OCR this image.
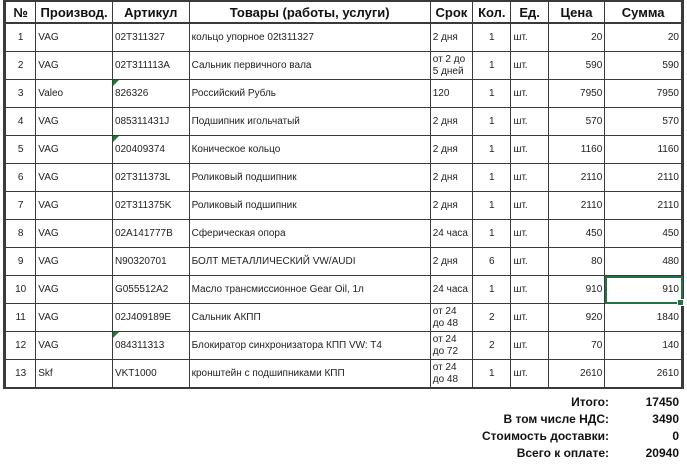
№	Производ.	Артикул	Товары (работы, услуги)	Срок	Кол.	Ед.	Цена	Сумма
1	VAG	02T311327	кольцо упорное 02t311327	2 дня	1	шт.	20	20
2	VAG	02T311113A	Сальник первичного вала	от 2 до 5 дней	1	шт.	590	590
3	Valeo	826326	Российский Рубль	120	1	шт.	7950	7950
4	VAG	085311431J	Подшипник игольчатый	2 дня	1	шт.	570	570
5	VAG	020409374	Коническое кольцо	2 дня	1	шт.	1160	1160
6	VAG	02T311373L	Роликовый подшипник	2 дня	1	шт.	2110	2110
7	VAG	02T311375K	Роликовый подшипник	2 дня	1	шт.	2110	2110
8	VAG	02A141777B	Сферическая опора	24 часа	1	шт.	450	450
9	VAG	N90320701	БОЛТ МЕТАЛЛИЧЕСКИЙ VW/AUDI	2 дня	6	шт.	80	480
10	VAG	G055512A2	Масло трансмиссионное Gear Oil, 1л	24 часа	1	шт.	910	910
11	VAG	02J409189E	Сальник АКПП	от 24 до 48	2	шт.	920	1840
12	VAG	084311313	Блокиратор синхронизатора КПП VW: T4	от 24 до 72	2	шт.	70	140
13	Skf	VKT1000	кронштейн с подшипниками КПП	от 24 до 48	1	шт.	2610	2610
Итого:	17450
В том числе НДС:	3490
Стоимость доставки:	0
Всего к оплате:	20940
